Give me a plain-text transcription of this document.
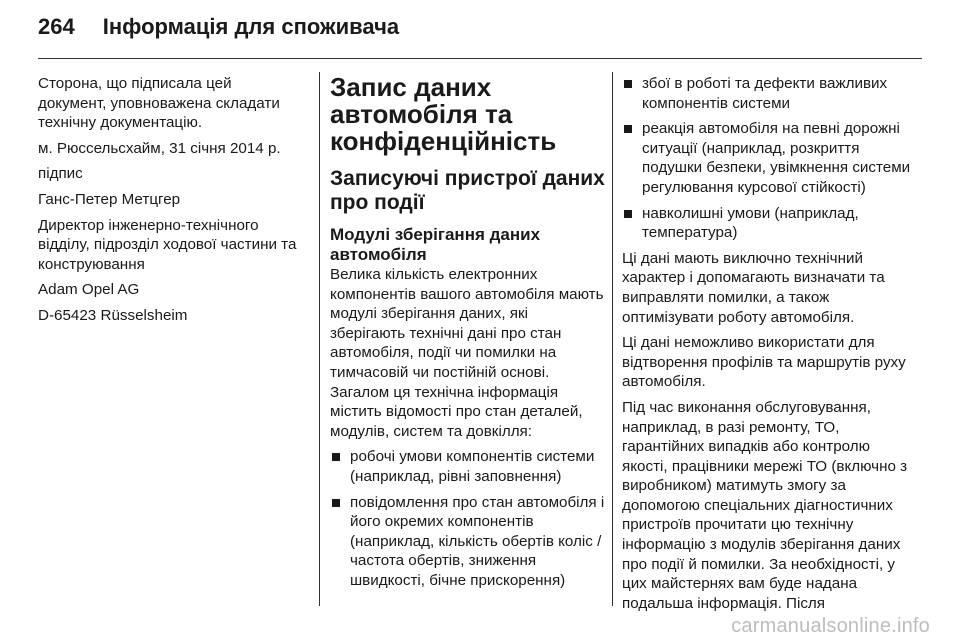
264 Інформація для споживача

Сторона, що підписала цей документ, уповноважена складати технічну документацію.

м. Рюссельсхайм, 31 січня 2014 р.

підпис

Ганс-Петер Метцгер

Директор інженерно-технічного відділу, підрозділ ходової частини та конструювання

Adam Opel AG

D-65423 Rüsselsheim

Запис даних автомобіля та конфіденційність
Записуючі пристрої даних про події
Модулі зберігання даних автомобіля

Велика кількість електронних компонентів вашого автомобіля мають модулі зберігання даних, які зберігають технічні дані про стан автомобіля, події чи помилки на тимчасовій чи постійній основі. Загалом ця технічна інформація містить відомості про стан деталей, модулів, систем та довкілля:

робочі умови компонентів системи (наприклад, рівні заповнення)
повідомлення про стан автомобіля і його окремих компонентів (наприклад, кількість обертів коліс / частота обертів, зниження швидкості, бічне прискорення)
збої в роботі та дефекти важливих компонентів системи
реакція автомобіля на певні дорожні ситуації (наприклад, розкриття подушки безпеки, увімкнення системи регулювання курсової стійкості)
навколишні умови (наприклад, температура)

Ці дані мають виключно технічний характер і допомагають визначати та виправляти помилки, а також оптимізувати роботу автомобіля.

Ці дані неможливо використати для відтворення профілів та маршрутів руху автомобіля.

Під час виконання обслуговування, наприклад, в разі ремонту, ТО, гарантійних випадків або контролю якості, працівники мережі ТО (включно з виробником) матимуть змогу за допомогою спеціальних діагностичних пристроїв прочитати цю технічну інформацію з модулів зберігання даних про події й помилки. За необхідності, у цих майстернях вам буде надана подальша інформація. Після

carmanualsonline.info
